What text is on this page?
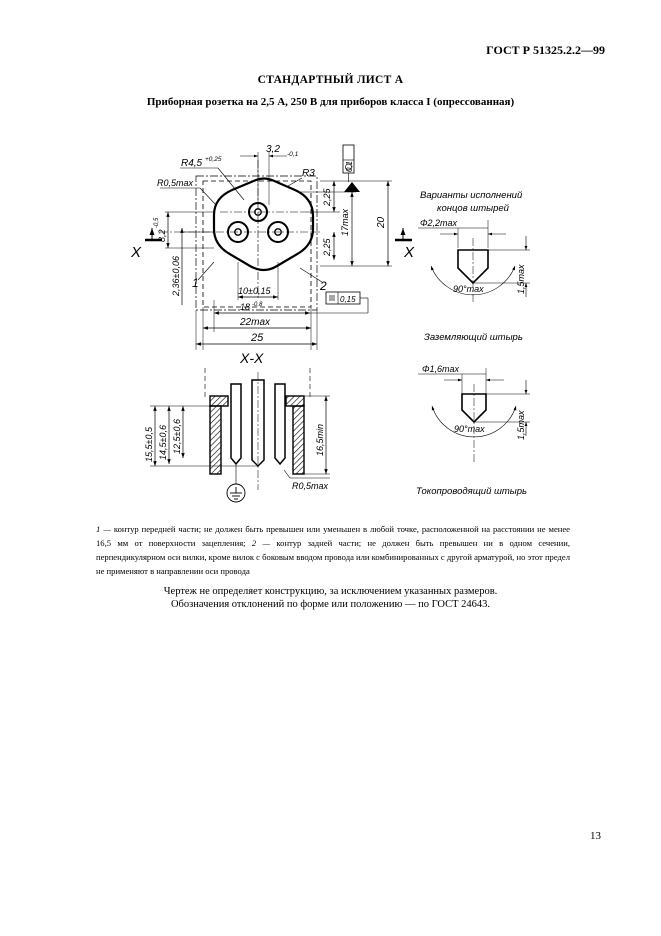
ГОСТ Р 51325.2.2—99
СТАНДАРТНЫЙ ЛИСТ А
Приборная розетка на 2,5 А, 250 В для приборов класса I (опрессованная)
R4,5 +0,25
3,2 -0,1
R3
R0,5max
0,1
2,25
2,25
17max	20
8,2
-0,5
2,36±0,06	10±0,15
18 -0,8
22max
25
0,15
X	X
1	2
X-X
15,5±0,5 14,5±0,6 12,5±0,6	16,5min
R0,5max
Варианты исполнений
концов штырей
Φ2,2max
90°max	1,5max
Заземляющий штырь
Φ1,6max
90°max	1,5max
Токопроводящий штырь
1 — контур передней части; не должен быть превышен или уменьшен в любой точке, расположенной на расстоянии не менее 16,5 мм от поверхности зацепления; 2 — контур задней части; не должен быть превышен ни в одном сечении, перпендикулярном оси вилки, кроме вилок с боковым вводом провода или комбинированных с другой арматурой, но этот предел не применяют в направлении оси провода
Чертеж не определяет конструкцию, за исключением указанных размеров.
Обозначения отклонений по форме или положению — по ГОСТ 24643.
13
